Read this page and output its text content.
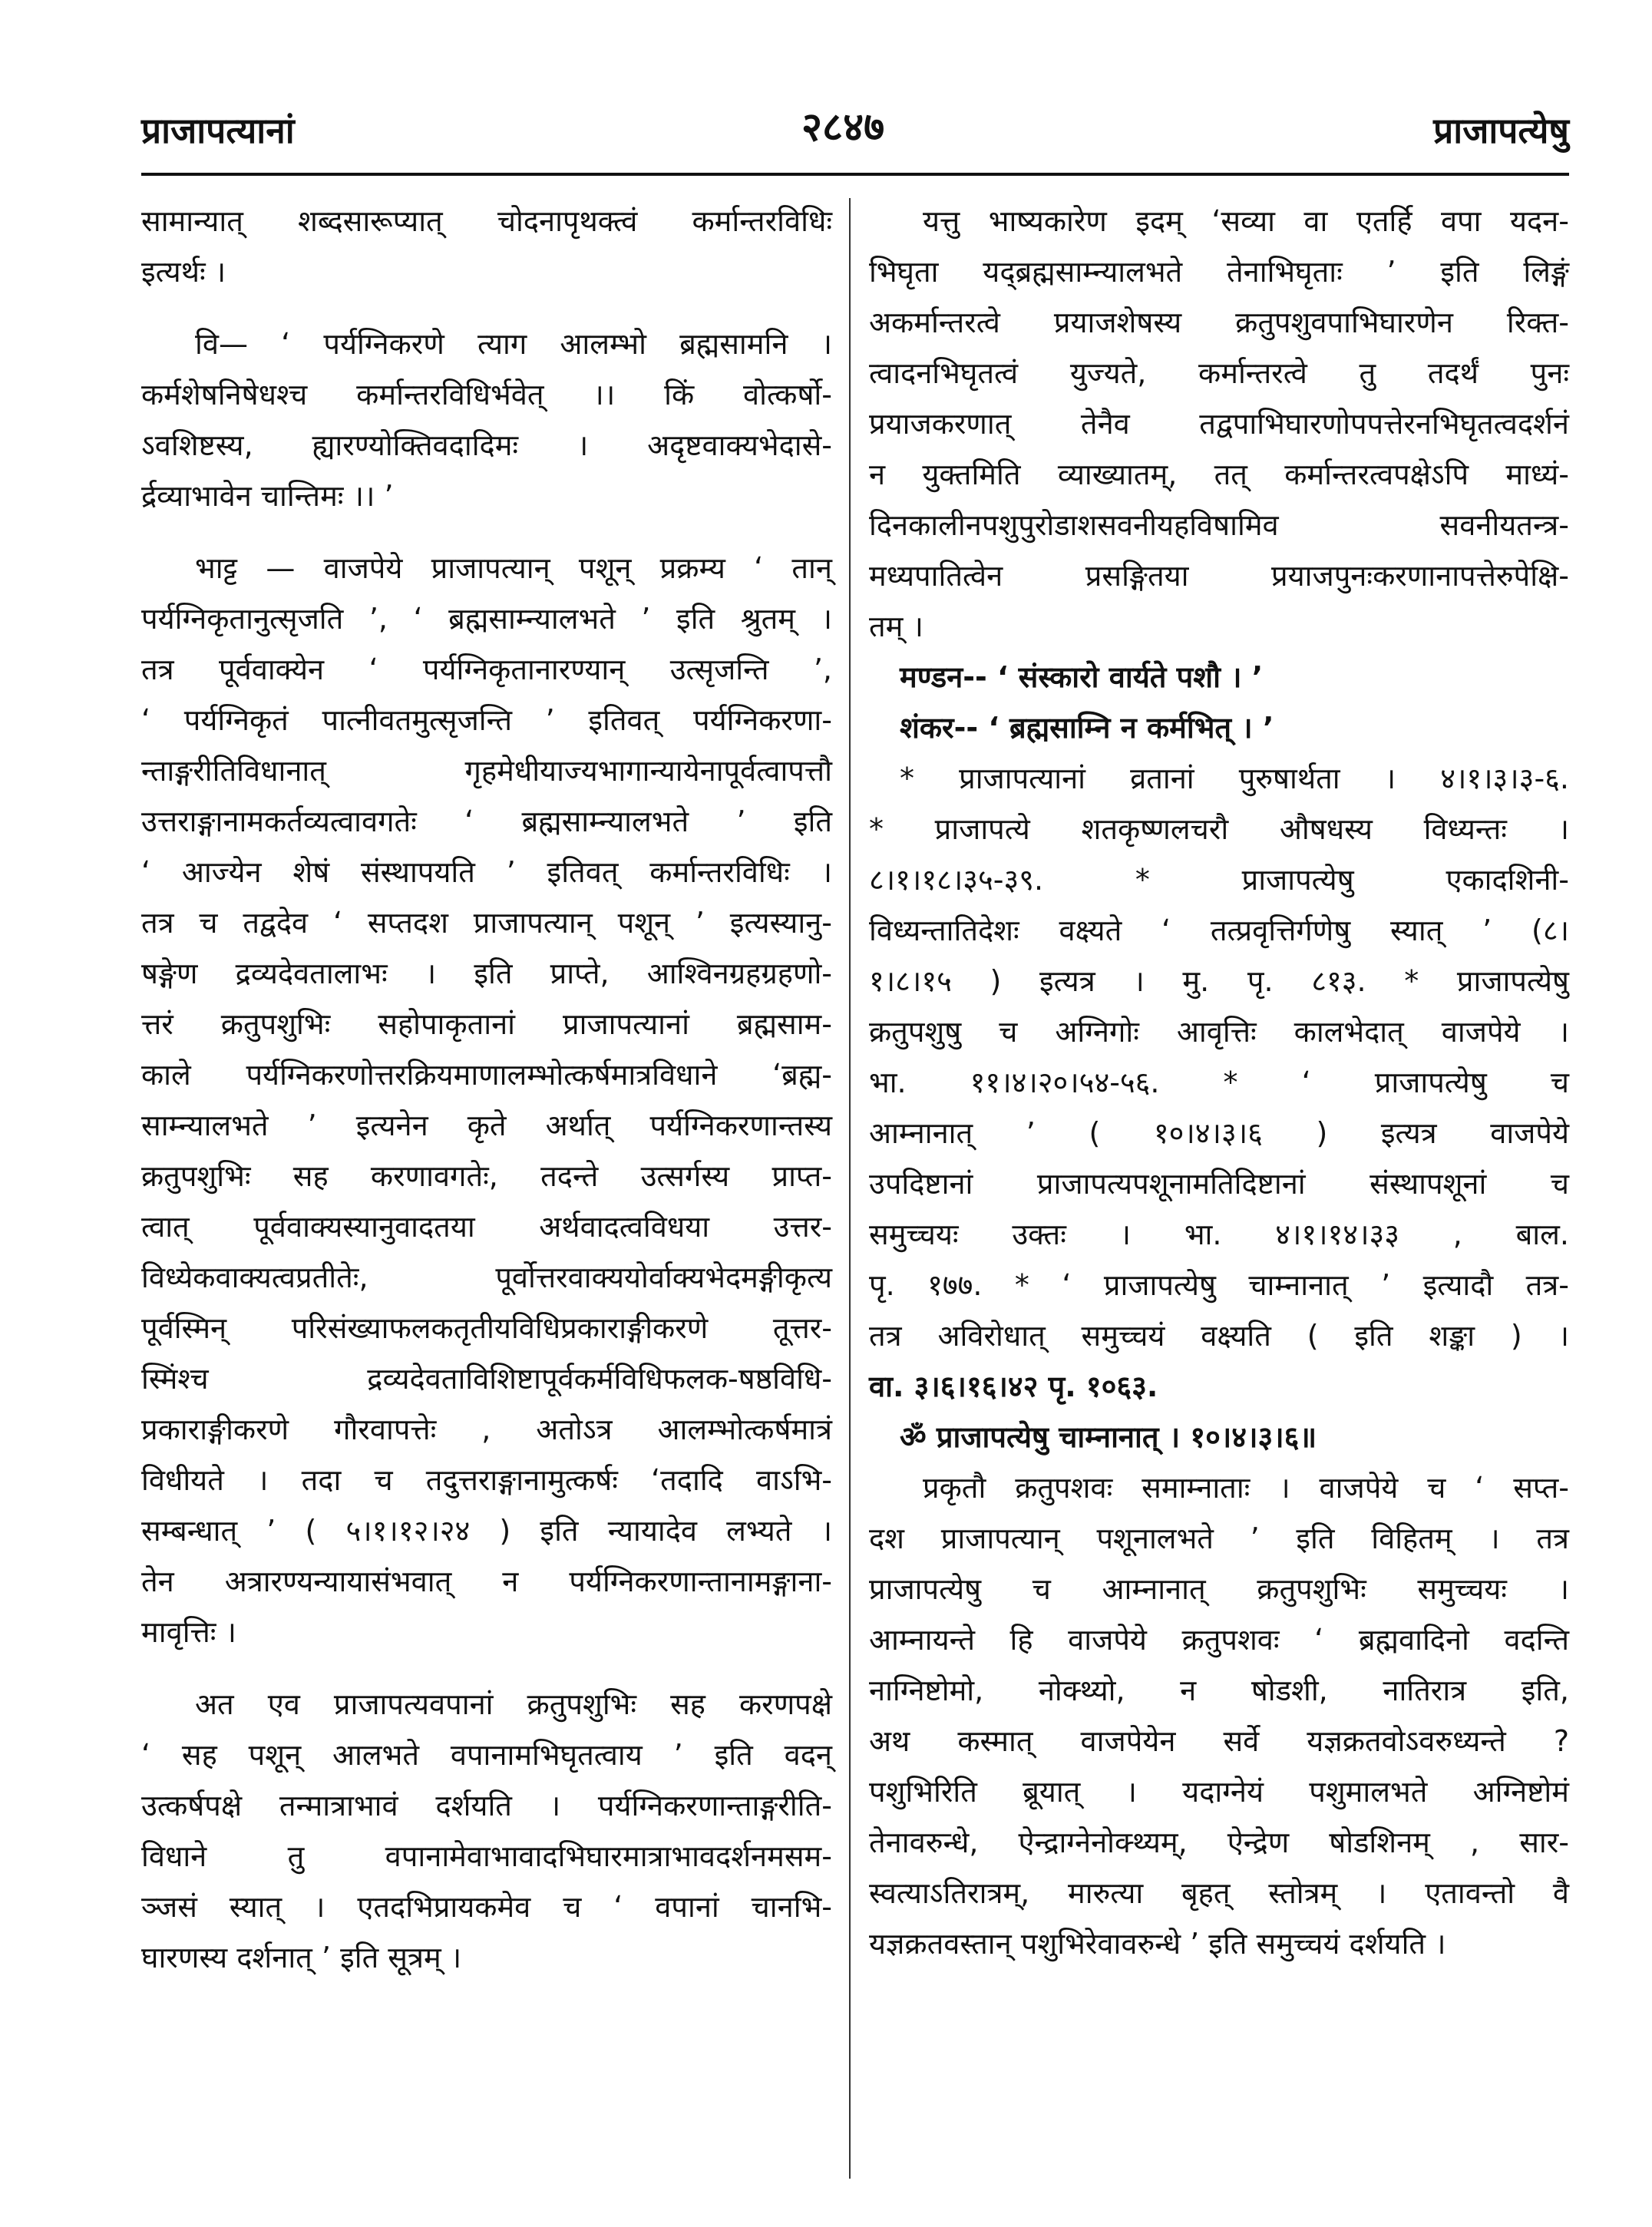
प्राजापत्यानां	२८४७	प्राजापत्येषु
सामान्यात् शब्दसारूप्यात् चोदनापृथक्त्वं कर्मान्तरविधिः
इत्यर्थः ।
वि— ‘ पर्यग्निकरणे त्याग आलम्भो ब्रह्मसामनि ।
कर्मशेषनिषेधश्च कर्मान्तरविधिर्भवेत् ।। किं वोत्कर्षो-
ऽवशिष्टस्य, ह्यारण्योक्तिवदादिमः । अदृष्टवाक्यभेदासे-
र्द्रव्याभावेन चान्तिमः ।। ’
भाट्ट — वाजपेये प्राजापत्यान् पशून् प्रक्रम्य ‘ तान्
पर्यग्निकृतानुत्सृजति ’, ‘ ब्रह्मसाम्न्यालभते ’ इति श्रुतम् ।
तत्र पूर्ववाक्येन ‘ पर्यग्निकृतानारण्यान् उत्सृजन्ति ’,
‘ पर्यग्निकृतं पात्नीवतमुत्सृजन्ति ’ इतिवत् पर्यग्निकरणा-
न्ताङ्गरीतिविधानात् गृहमेधीयाज्यभागान्यायेनापूर्वत्वापत्तौ
उत्तराङ्गानामकर्तव्यत्वावगतेः ‘ ब्रह्मसाम्न्यालभते ’ इति
‘ आज्येन शेषं संस्थापयति ’ इतिवत् कर्मान्तरविधिः ।
तत्र च तद्वदेव ‘ सप्तदश प्राजापत्यान् पशून् ’ इत्यस्यानु-
षङ्गेण द्रव्यदेवतालाभः । इति प्राप्ते, आश्विनग्रहग्रहणो-
त्तरं क्रतुपशुभिः सहोपाकृतानां प्राजापत्यानां ब्रह्मसाम-
काले पर्यग्निकरणोत्तरक्रियमाणालम्भोत्कर्षमात्रविधाने ‘ब्रह्म-
साम्न्यालभते ’ इत्यनेन कृते अर्थात् पर्यग्निकरणान्तस्य
क्रतुपशुभिः सह करणावगतेः, तदन्ते उत्सर्गस्य प्राप्त-
त्वात् पूर्ववाक्यस्यानुवादतया अर्थवादत्वविधया उत्तर-
विध्येकवाक्यत्वप्रतीतेः, पूर्वोत्तरवाक्ययोर्वाक्यभेदमङ्गीकृत्य
पूर्वस्मिन् परिसंख्याफलकतृतीयविधिप्रकाराङ्गीकरणे तूत्तर-
स्मिंश्च द्रव्यदेवताविशिष्टापूर्वकर्मविधिफलक-षष्ठविधि-
प्रकाराङ्गीकरणे गौरवापत्तेः , अतोऽत्र आलम्भोत्कर्षमात्रं
विधीयते । तदा च तदुत्तराङ्गानामुत्कर्षः ‘तदादि वाऽभि-
सम्बन्धात् ’ ( ५।१।१२।२४ ) इति न्यायादेव लभ्यते ।
तेन अत्रारण्यन्यायासंभवात् न पर्यग्निकरणान्तानामङ्गाना-
मावृत्तिः ।
अत एव प्राजापत्यवपानां क्रतुपशुभिः सह करणपक्षे
‘ सह पशून् आलभते वपानामभिघृतत्वाय ’ इति वदन्
उत्कर्षपक्षे तन्मात्राभावं दर्शयति । पर्यग्निकरणान्ताङ्गरीति-
विधाने तु वपानामेवाभावादभिघारमात्राभावदर्शनमसम-
ञ्जसं स्यात् । एतदभिप्रायकमेव च ‘ वपानां चानभि-
घारणस्य दर्शनात् ’ इति सूत्रम् ।
यत्तु भाष्यकारेण इदम् ‘सव्या वा एतर्हि वपा यदन-
भिघृता यद्ब्रह्मसाम्न्यालभते तेनाभिघृताः ’ इति लिङ्गं
अकर्मान्तरत्वे प्रयाजशेषस्य क्रतुपशुवपाभिघारणेन रिक्त-
त्वादनभिघृतत्वं युज्यते, कर्मान्तरत्वे तु तदर्थं पुनः
प्रयाजकरणात् तेनैव तद्वपाभिघारणोपपत्तेरनभिघृतत्वदर्शनं
न युक्तमिति व्याख्यातम्, तत् कर्मान्तरत्वपक्षेऽपि माध्यं-
दिनकालीनपशुपुरोडाशसवनीयहविषामिव सवनीयतन्त्र-
मध्यपातित्वेन प्रसङ्गितया प्रयाजपुनःकरणानापत्तेरुपेक्षि-
तम् ।
मण्डन-- ‘ संस्कारो वार्यते पशौ । ’
शंकर-- ‘ ब्रह्मसाम्नि न कर्मभित् । ’
* प्राजापत्यानां व्रतानां पुरुषार्थता । ४।१।३।३-६.
* प्राजापत्ये शतकृष्णलचरौ औषधस्य विध्यन्तः ।
८।१।१८।३५-३९. * प्राजापत्येषु एकादशिनी-
विध्यन्तातिदेशः वक्ष्यते ‘ तत्प्रवृत्तिर्गणेषु स्यात् ’ (८।
१।८।१५ ) इत्यत्र । मु. पृ. ८१३. * प्राजापत्येषु
क्रतुपशुषु च अग्निगोः आवृत्तिः कालभेदात् वाजपेये ।
भा. ११।४।२०।५४-५६. * ‘ प्राजापत्येषु च
आम्नानात् ’ ( १०।४।३।६ ) इत्यत्र वाजपेये
उपदिष्टानां प्राजापत्यपशूनामतिदिष्टानां संस्थापशूनां च
समुच्चयः उक्तः । भा. ४।१।१४।३३ , बाल.
पृ. १७७. * ‘ प्राजापत्येषु चाम्नानात् ’ इत्यादौ तत्र-
तत्र अविरोधात् समुच्चयं वक्ष्यति ( इति शङ्का ) ।
वा. ३।६।१६।४२ पृ. १०६३.
ॐ प्राजापत्येषु चाम्नानात् । १०।४।३।६॥
प्रकृतौ क्रतुपशवः समाम्नाताः । वाजपेये च ‘ सप्त-
दश प्राजापत्यान् पशूनालभते ’ इति विहितम् । तत्र
प्राजापत्येषु च आम्नानात् क्रतुपशुभिः समुच्चयः ।
आम्नायन्ते हि वाजपेये क्रतुपशवः ‘ ब्रह्मवादिनो वदन्ति
नाग्निष्टोमो, नोक्थ्यो, न षोडशी, नातिरात्र इति,
अथ कस्मात् वाजपेयेन सर्वे यज्ञक्रतवोऽवरुध्यन्ते ?
पशुभिरिति ब्रूयात् । यदाग्नेयं पशुमालभते अग्निष्टोमं
तेनावरुन्धे, ऐन्द्राग्नेनोक्थ्यम्, ऐन्द्रेण षोडशिनम् , सार-
स्वत्याऽतिरात्रम्, मारुत्या बृहत् स्तोत्रम् । एतावन्तो वै
यज्ञक्रतवस्तान् पशुभिरेवावरुन्धे ’ इति समुच्चयं दर्शयति ।
